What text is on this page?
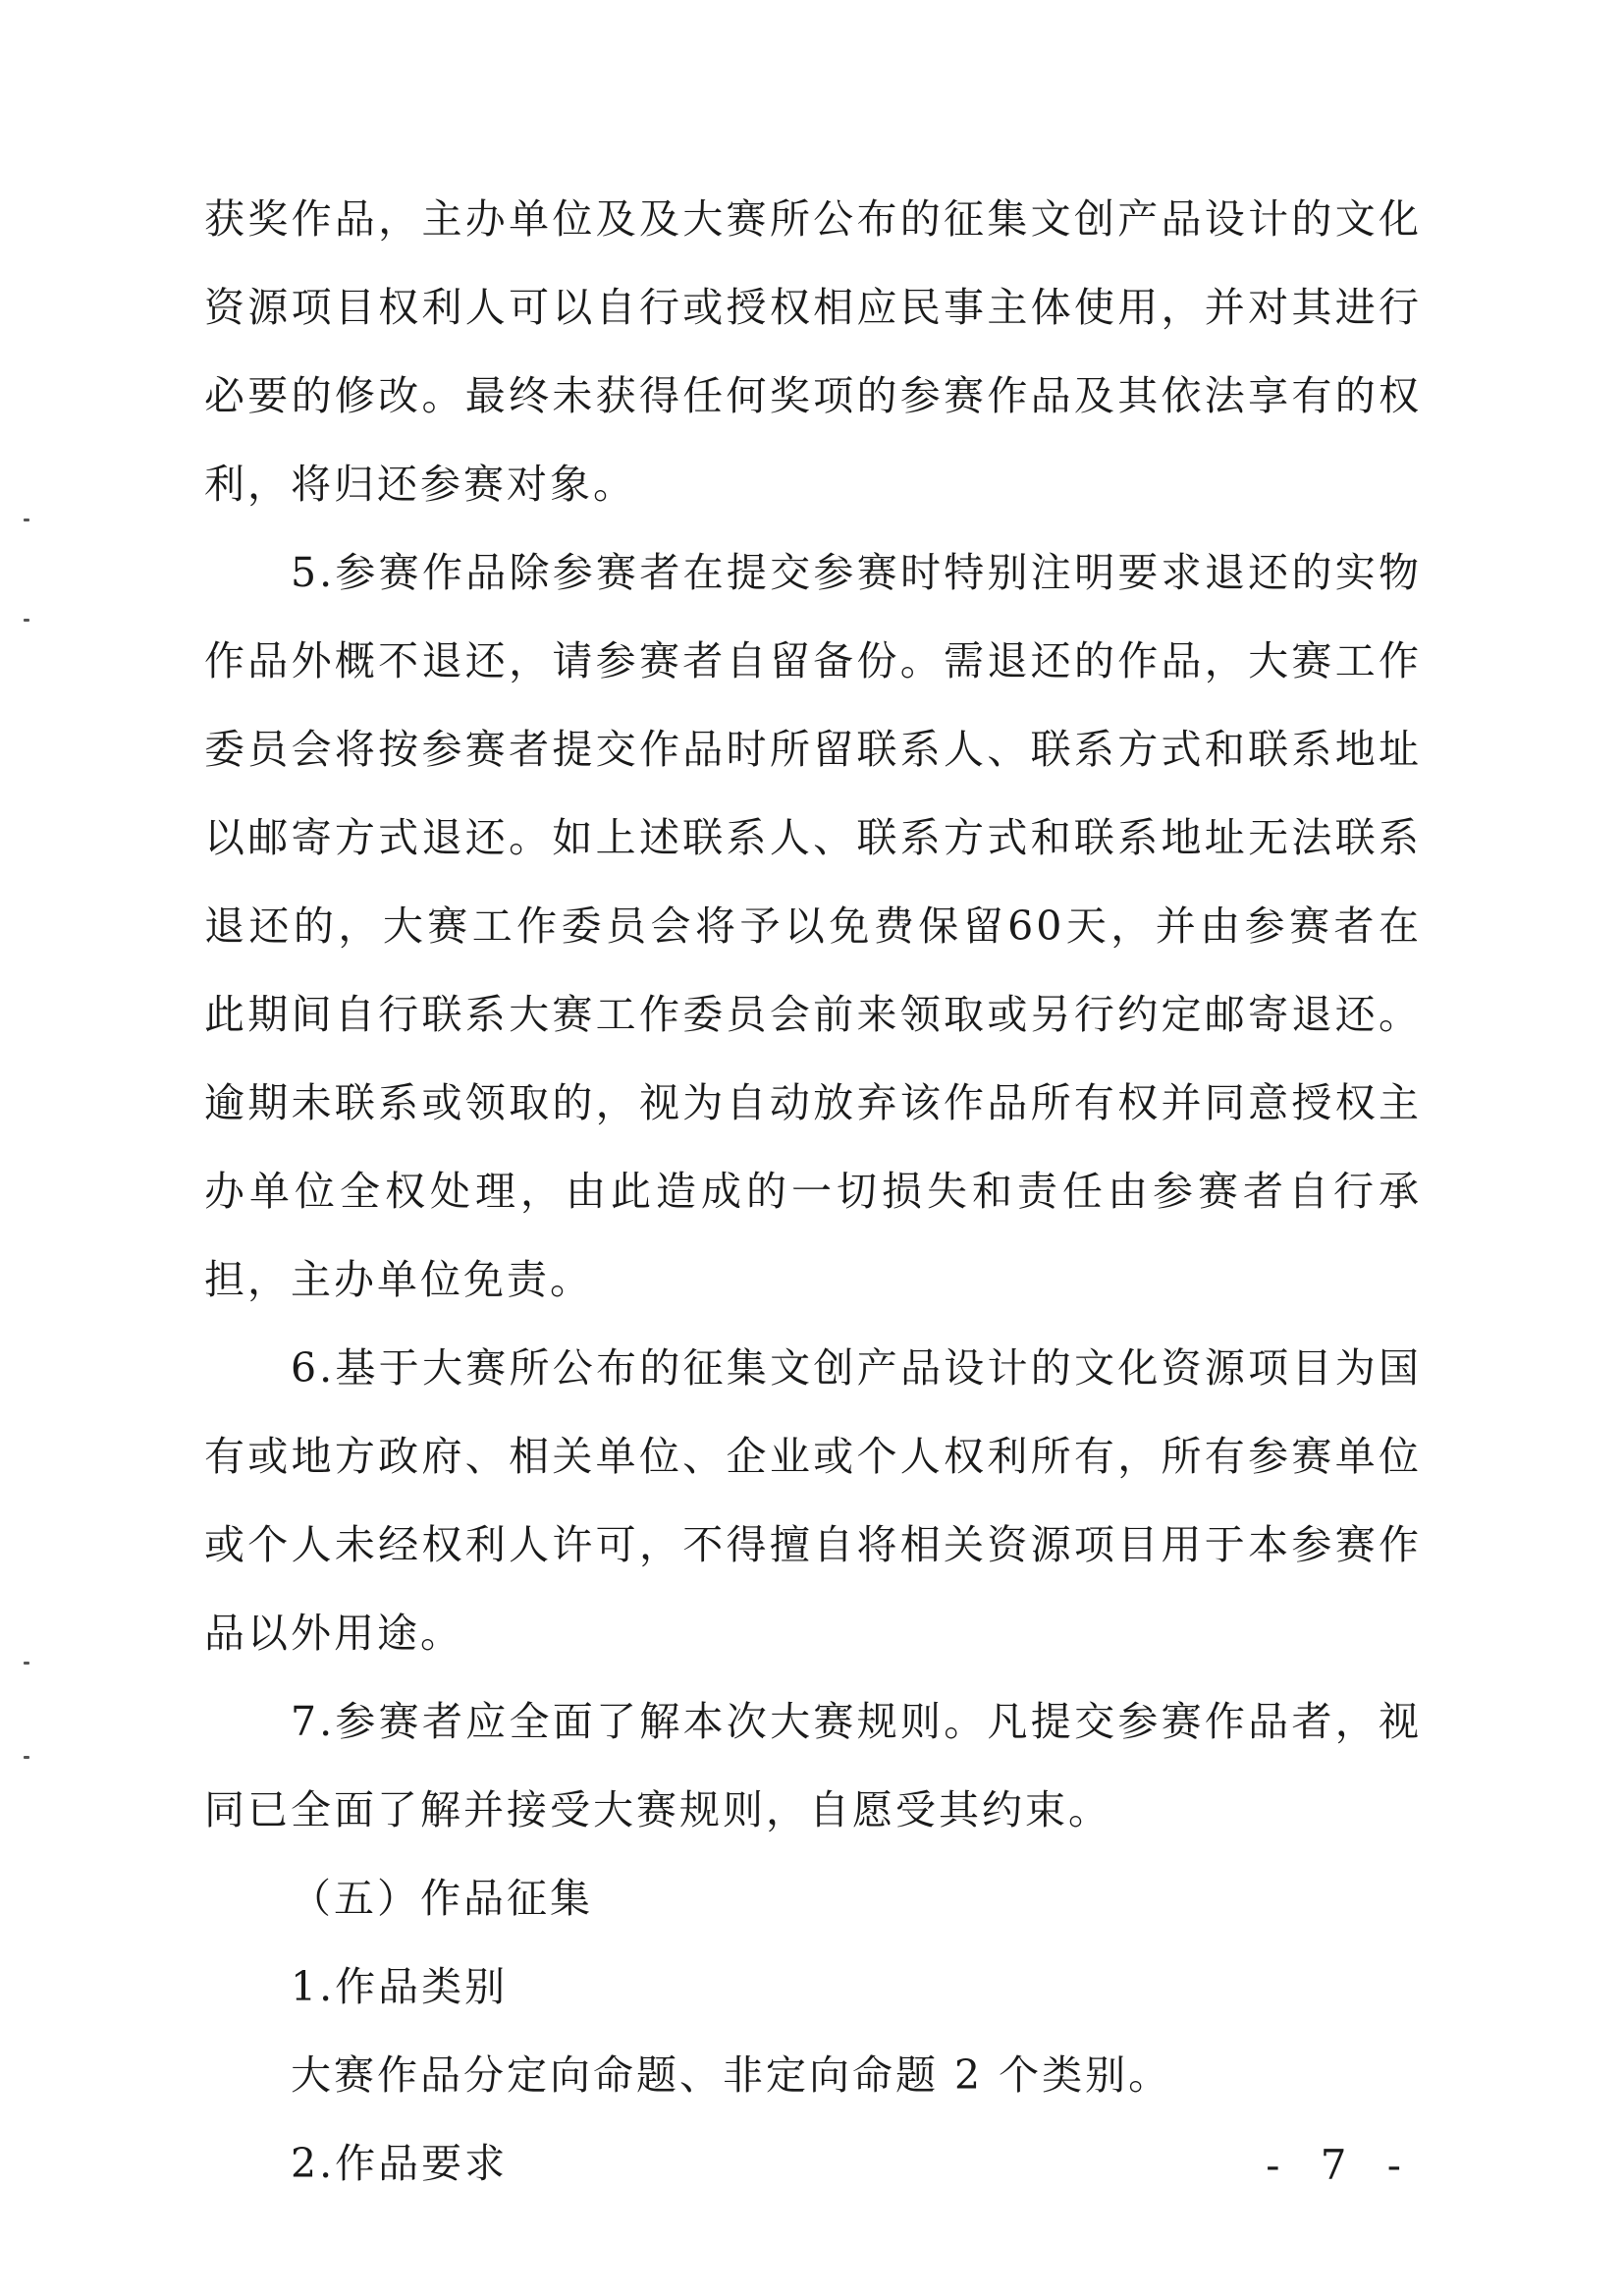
获奖作品，主办单位及及大赛所公布的征集文创产品设计的文化资源项目权利人可以自行或授权相应民事主体使用，并对其进行必要的修改。最终未获得任何奖项的参赛作品及其依法享有的权利，将归还参赛对象。

5.参赛作品除参赛者在提交参赛时特别注明要求退还的实物作品外概不退还，请参赛者自留备份。需退还的作品，大赛工作委员会将按参赛者提交作品时所留联系人、联系方式和联系地址以邮寄方式退还。如上述联系人、联系方式和联系地址无法联系退还的，大赛工作委员会将予以免费保留60天，并由参赛者在此期间自行联系大赛工作委员会前来领取或另行约定邮寄退还。逾期未联系或领取的，视为自动放弃该作品所有权并同意授权主办单位全权处理，由此造成的一切损失和责任由参赛者自行承担，主办单位免责。

6.基于大赛所公布的征集文创产品设计的文化资源项目为国有或地方政府、相关单位、企业或个人权利所有，所有参赛单位或个人未经权利人许可，不得擅自将相关资源项目用于本参赛作品以外用途。

7.参赛者应全面了解本次大赛规则。凡提交参赛作品者，视同已全面了解并接受大赛规则，自愿受其约束。

（五）作品征集

1.作品类别

大赛作品分定向命题、非定向命题 2 个类别。

2.作品要求	- 7 -
